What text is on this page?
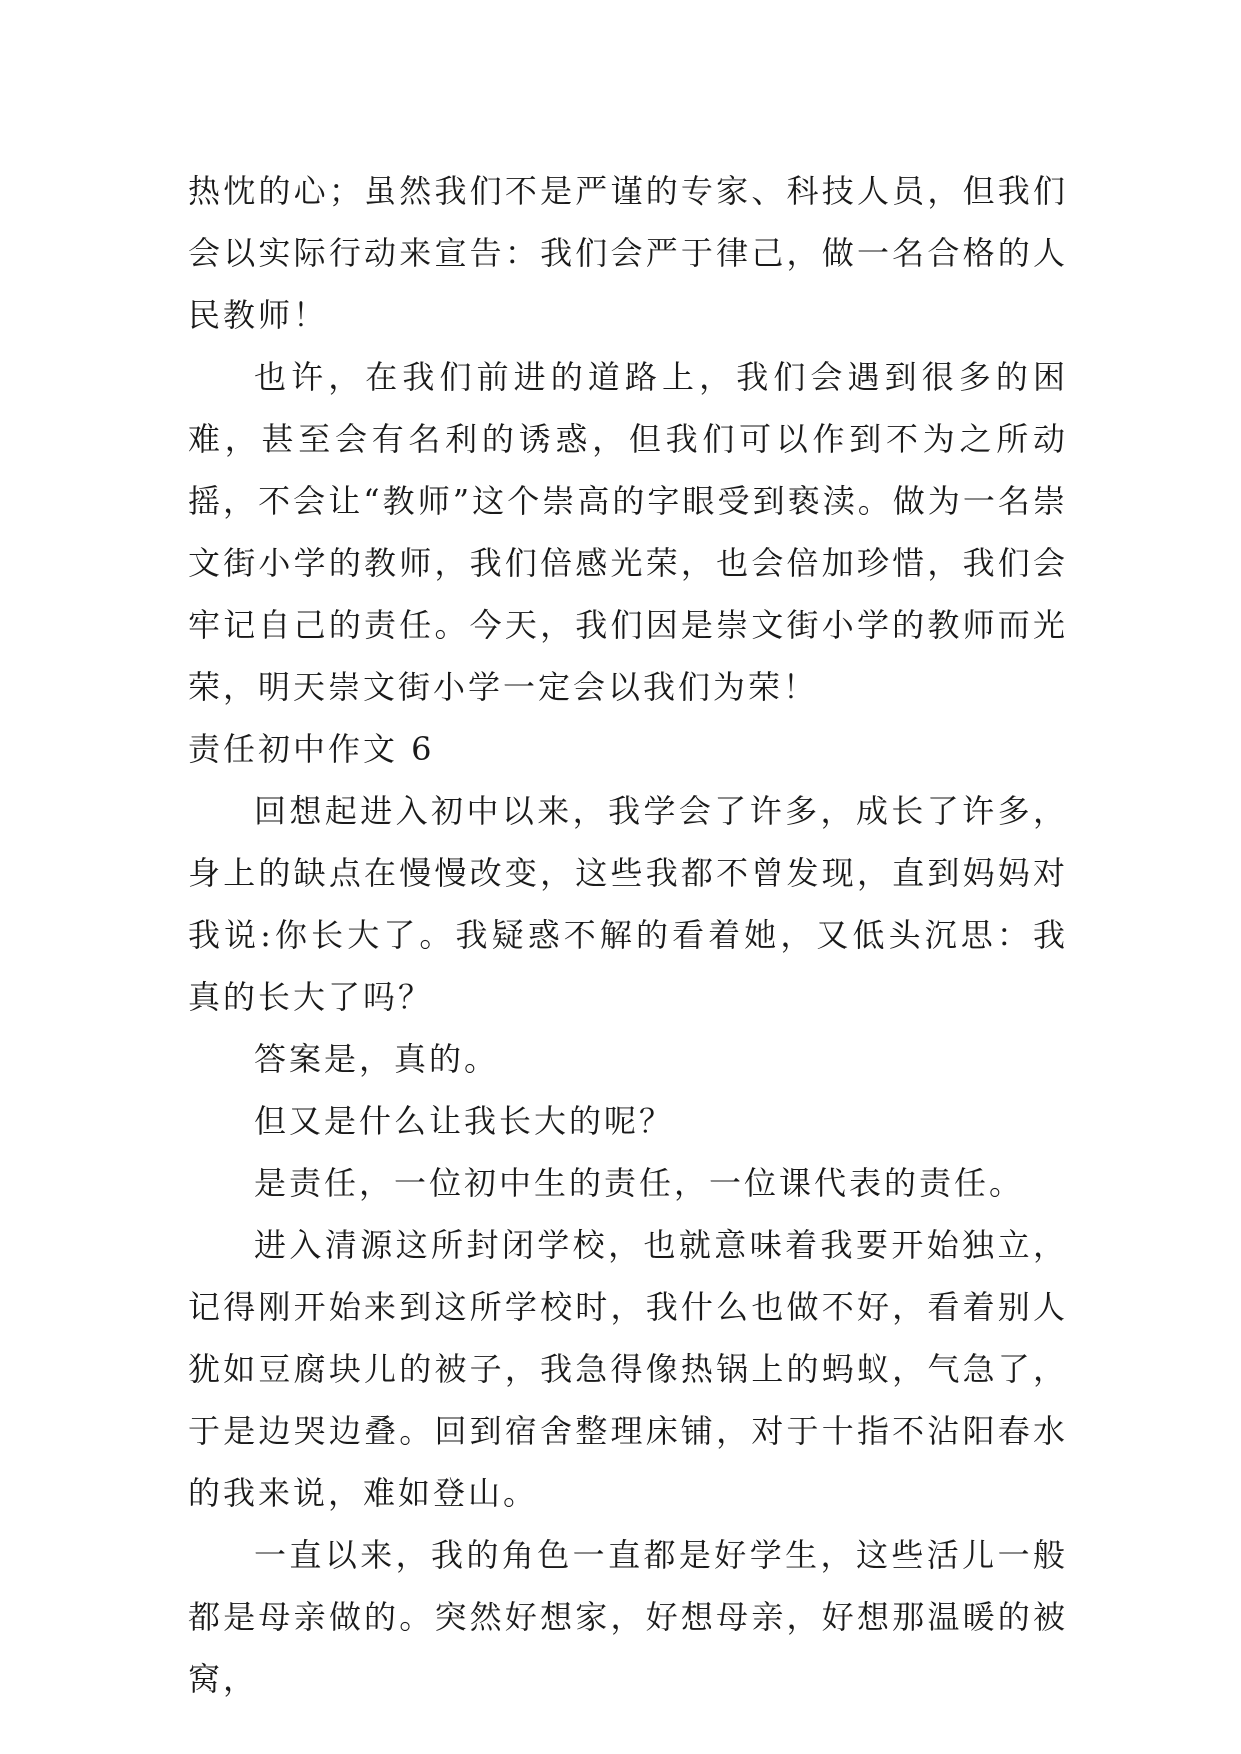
热忱的心；虽然我们不是严谨的专家、科技人员，但我们会以实际行动来宣告：我们会严于律己，做一名合格的人民教师！

也许，在我们前进的道路上，我们会遇到很多的困难，甚至会有名利的诱惑，但我们可以作到不为之所动摇，不会让“教师”这个崇高的字眼受到亵渎。做为一名崇文街小学的教师，我们倍感光荣，也会倍加珍惜，我们会牢记自己的责任。今天，我们因是崇文街小学的教师而光荣，明天崇文街小学一定会以我们为荣！

责任初中作文 6

回想起进入初中以来，我学会了许多，成长了许多，身上的缺点在慢慢改变，这些我都不曾发现，直到妈妈对我说:你长大了。我疑惑不解的看着她，又低头沉思：我真的长大了吗？

答案是，真的。

但又是什么让我长大的呢？

是责任，一位初中生的责任，一位课代表的责任。

进入清源这所封闭学校，也就意味着我要开始独立，记得刚开始来到这所学校时，我什么也做不好，看着别人犹如豆腐块儿的被子，我急得像热锅上的蚂蚁，气急了，于是边哭边叠。回到宿舍整理床铺，对于十指不沾阳春水的我来说，难如登山。

一直以来，我的角色一直都是好学生，这些活儿一般都是母亲做的。突然好想家，好想母亲，好想那温暖的被窝，
